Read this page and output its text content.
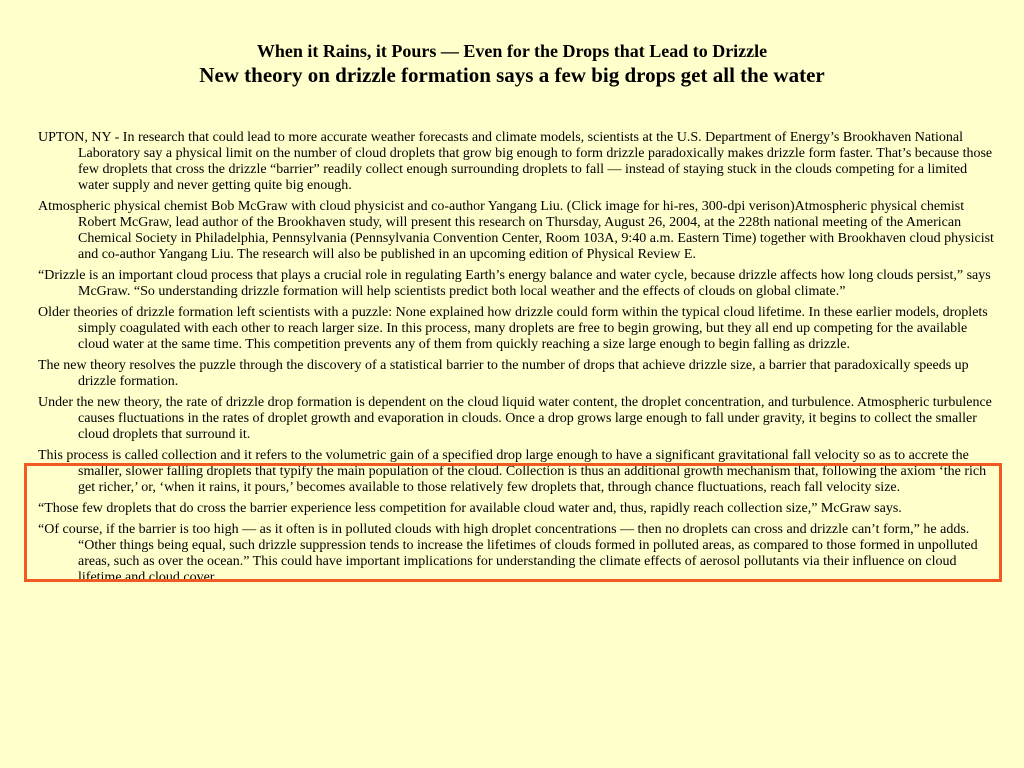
When it Rains, it Pours — Even for the Drops that Lead to Drizzle
New theory on drizzle formation says a few big drops get all the water

UPTON, NY - In research that could lead to more accurate weather forecasts and climate models, scientists at the U.S. Department of Energy’s Brookhaven National Laboratory say a physical limit on the number of cloud droplets that grow big enough to form drizzle paradoxically makes drizzle form faster. That’s because those few droplets that cross the drizzle “barrier” readily collect enough surrounding droplets to fall — instead of staying stuck in the clouds competing for a limited water supply and never getting quite big enough.

Atmospheric physical chemist Bob McGraw with cloud physicist and co-author Yangang Liu. (Click image for hi-res, 300-dpi verison)Atmospheric physical chemist Robert McGraw, lead author of the Brookhaven study, will present this research on Thursday, August 26, 2004, at the 228th national meeting of the American Chemical Society in Philadelphia, Pennsylvania (Pennsylvania Convention Center, Room 103A, 9:40 a.m. Eastern Time) together with Brookhaven cloud physicist and co-author Yangang Liu. The research will also be published in an upcoming edition of Physical Review E.

“Drizzle is an important cloud process that plays a crucial role in regulating Earth’s energy balance and water cycle, because drizzle affects how long clouds persist,” says McGraw. “So understanding drizzle formation will help scientists predict both local weather and the effects of clouds on global climate.”

Older theories of drizzle formation left scientists with a puzzle: None explained how drizzle could form within the typical cloud lifetime. In these earlier models, droplets simply coagulated with each other to reach larger size. In this process, many droplets are free to begin growing, but they all end up competing for the available cloud water at the same time. This competition prevents any of them from quickly reaching a size large enough to begin falling as drizzle.

The new theory resolves the puzzle through the discovery of a statistical barrier to the number of drops that achieve drizzle size, a barrier that paradoxically speeds up drizzle formation.

Under the new theory, the rate of drizzle drop formation is dependent on the cloud liquid water content, the droplet concentration, and turbulence. Atmospheric turbulence causes fluctuations in the rates of droplet growth and evaporation in clouds. Once a drop grows large enough to fall under gravity, it begins to collect the smaller cloud droplets that surround it.

This process is called collection and it refers to the volumetric gain of a specified drop large enough to have a significant gravitational fall velocity so as to accrete the smaller, slower falling droplets that typify the main population of the cloud. Collection is thus an additional growth mechanism that, following the axiom ‘the rich get richer,’ or, ‘when it rains, it pours,’ becomes available to those relatively few droplets that, through chance fluctuations, reach fall velocity size.

“Those few droplets that do cross the barrier experience less competition for available cloud water and, thus, rapidly reach collection size,” McGraw says.

“Of course, if the barrier is too high — as it often is in polluted clouds with high droplet concentrations — then no droplets can cross and drizzle can’t form,” he adds. “Other things being equal, such drizzle suppression tends to increase the lifetimes of clouds formed in polluted areas, as compared to those formed in unpolluted areas, such as over the ocean.” This could have important implications for understanding the climate effects of aerosol pollutants via their influence on cloud lifetime and cloud cover.
